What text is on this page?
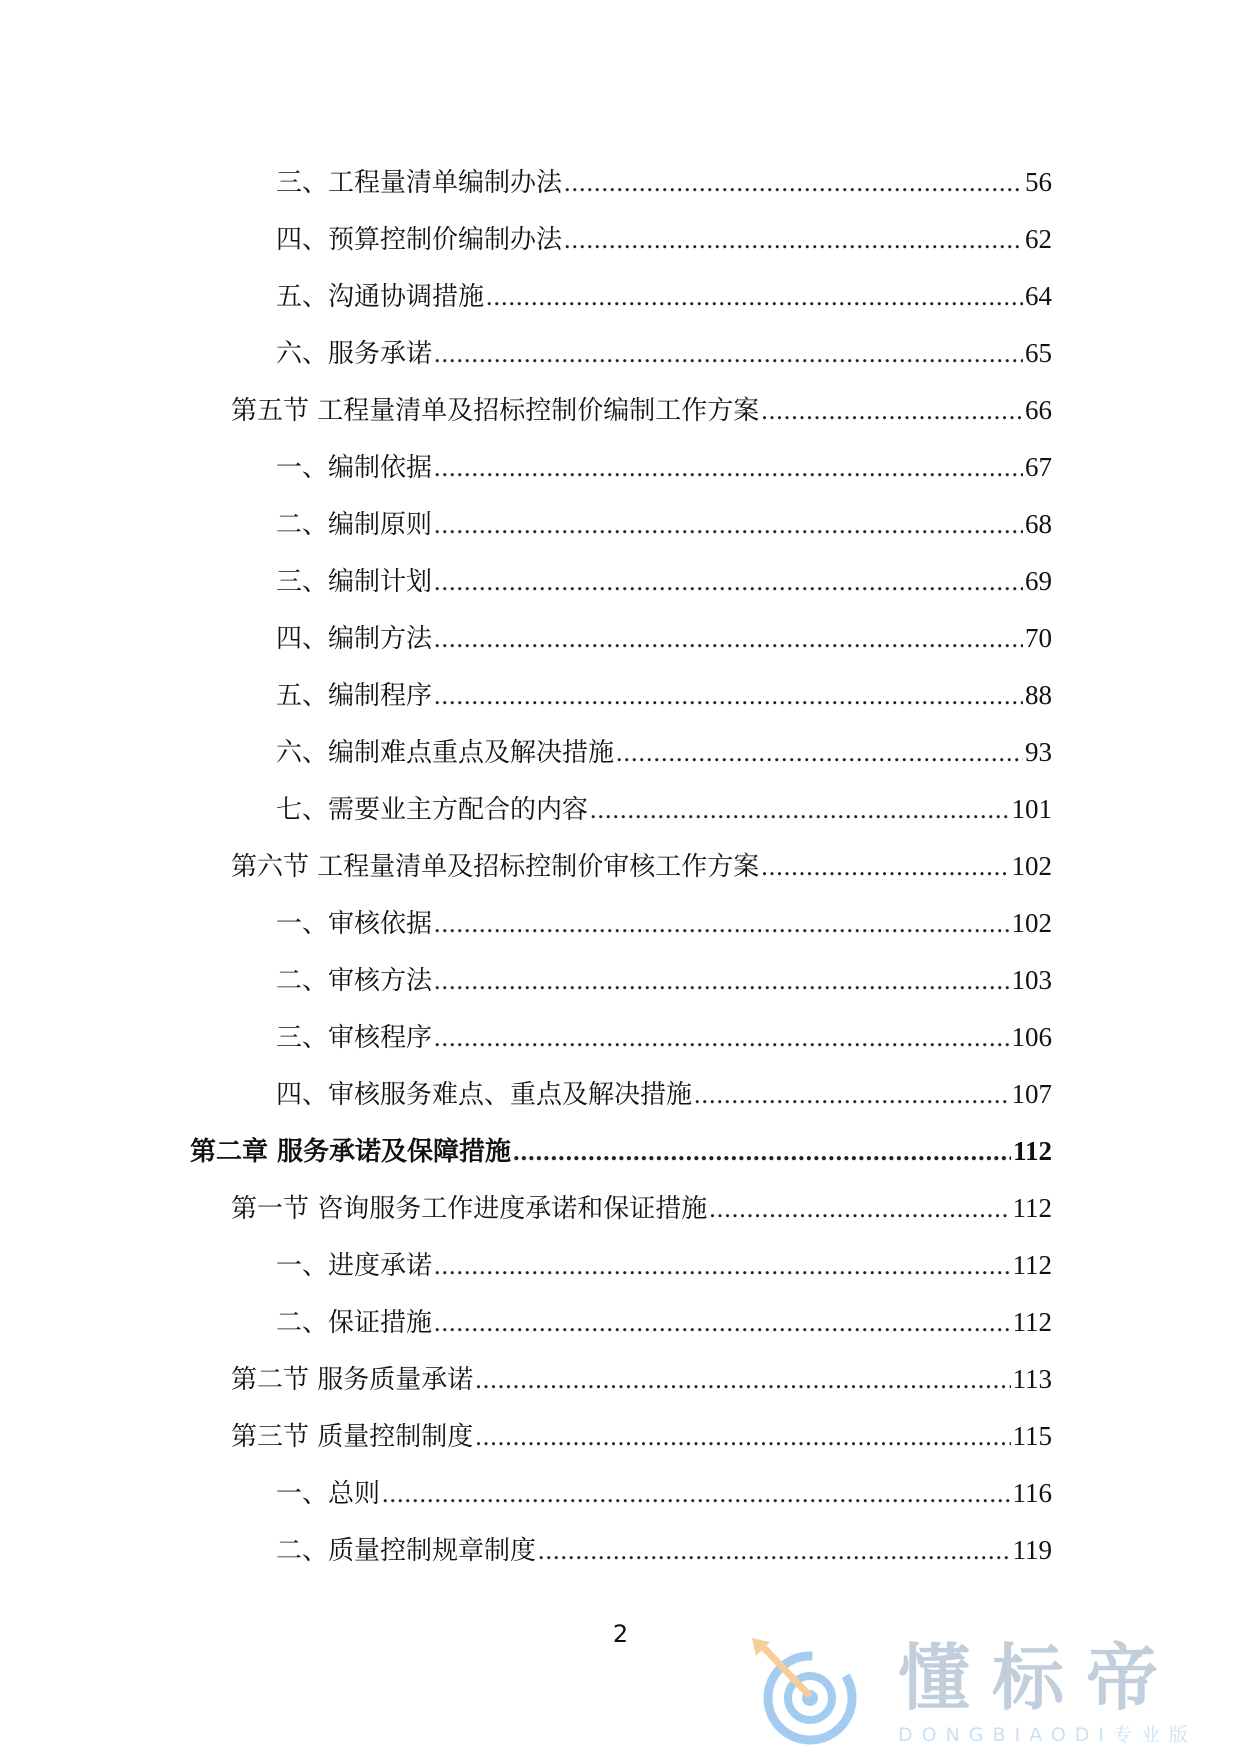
三、工程量清单编制办法 .....	56
四、预算控制价编制办法 .....	62
五、沟通协调措施 .....	64
六、服务承诺 .....	65
第五节 工程量清单及招标控制价编制工作方案 .....	66
一、编制依据 .....	67
二、编制原则 .....	68
三、编制计划 .....	69
四、编制方法 .....	70
五、编制程序 .....	88
六、编制难点重点及解决措施 .....	93
七、需要业主方配合的内容 .....	101
第六节 工程量清单及招标控制价审核工作方案 .....	102
一、审核依据 .....	102
二、审核方法 .....	103
三、审核程序 .....	106
四、审核服务难点、重点及解决措施 .....	107
第二章 服务承诺及保障措施 .....	112
第一节 咨询服务工作进度承诺和保证措施 .....	112
一、进度承诺 .....	112
二、保证措施 .....	112
第二节 服务质量承诺 .....	113
第三节 质量控制制度 .....	115
一、总则 .....	116
二、质量控制规章制度 .....	119
2
懂标帝
DONGBIAODI专业版
